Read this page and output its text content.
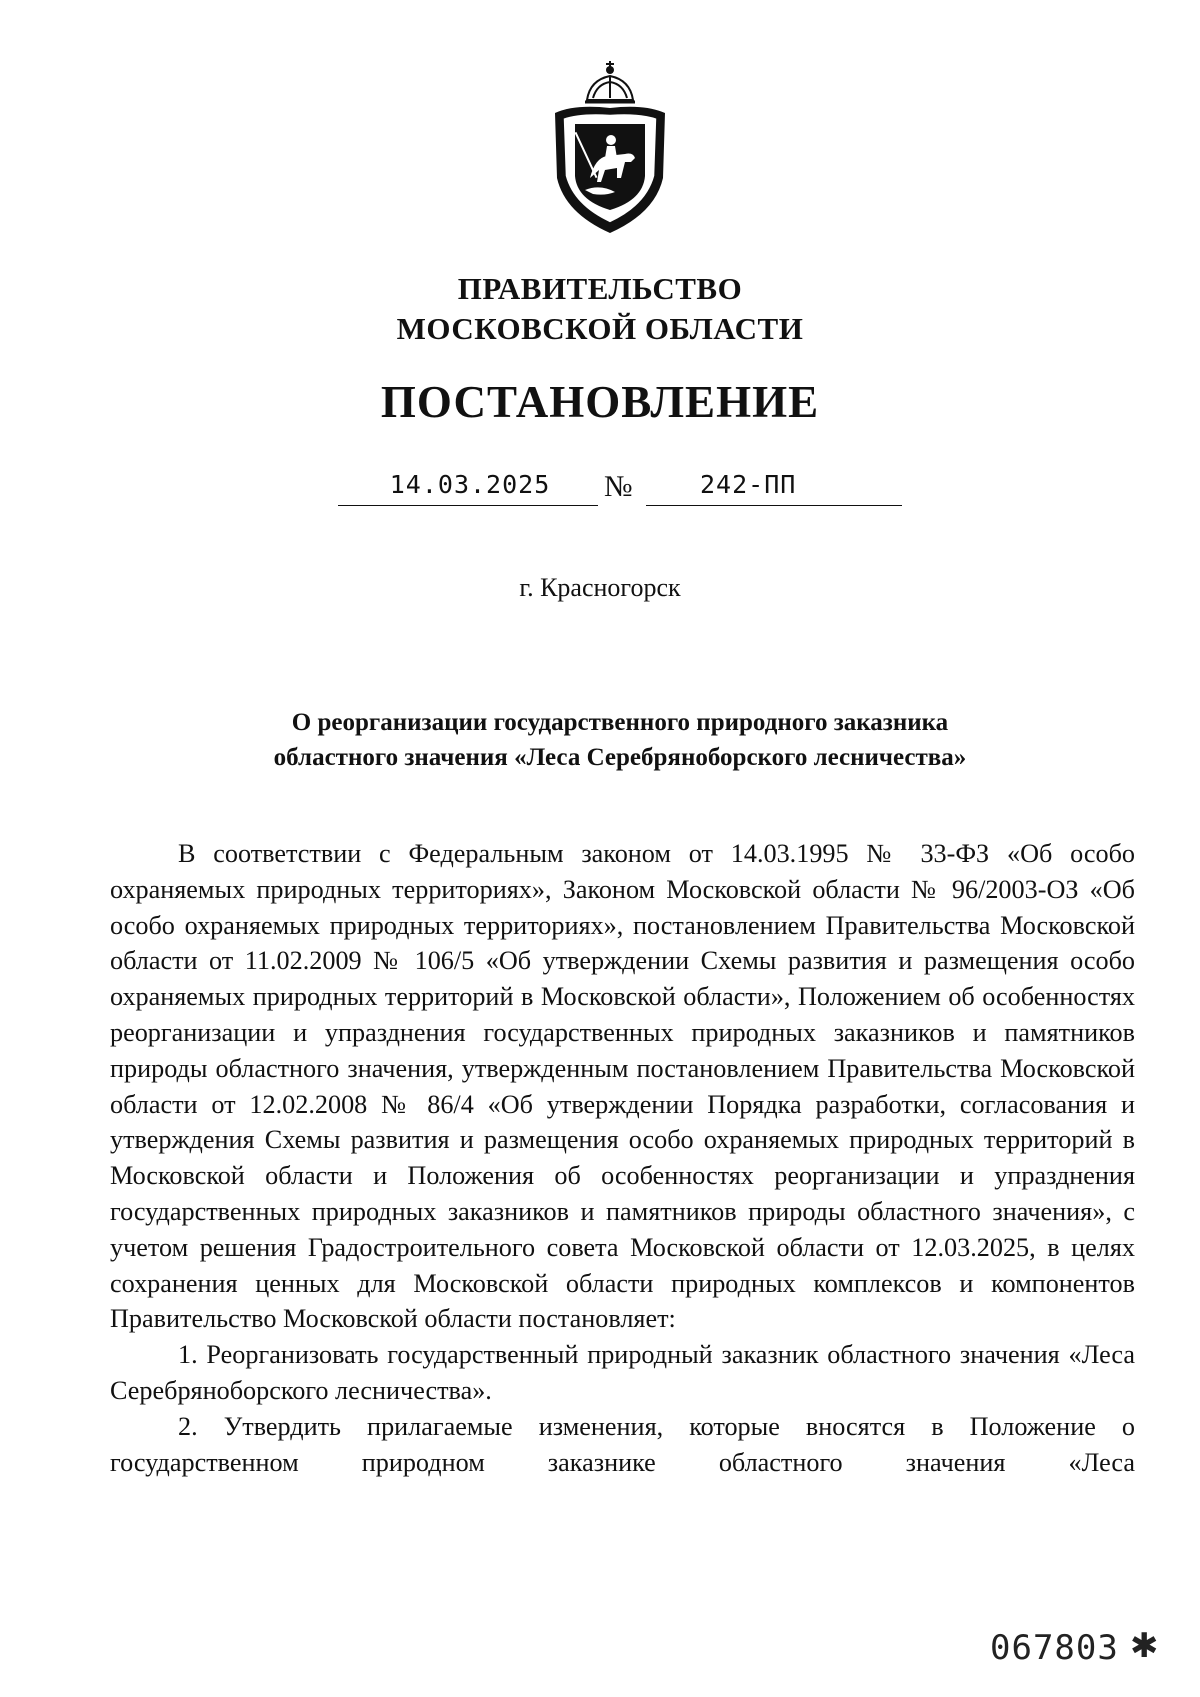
ПРАВИТЕЛЬСТВО
МОСКОВСКОЙ ОБЛАСТИ
ПОСТАНОВЛЕНИЕ
14.03.2025	№	242-ПП
г. Красногорск
О реорганизации государственного природного заказника
областного значения «Леса Серебряноборского лесничества»

В соответствии с Федеральным законом от 14.03.1995 № 33-ФЗ «Об особо охраняемых природных территориях», Законом Московской области № 96/2003-ОЗ «Об особо охраняемых природных территориях», постановлением Правительства Московской области от 11.02.2009 № 106/5 «Об утверждении Схемы развития и размещения особо охраняемых природных территорий в Московской области», Положением об особенностях реорганизации и упразднения государственных природных заказников и памятников природы областного значения, утвержденным постановлением Правительства Московской области от 12.02.2008 № 86/4 «Об утверждении Порядка разработки, согласования и утверждения Схемы развития и размещения особо охраняемых природных территорий в Московской области и Положения об особенностях реорганизации и упразднения государственных природных заказников и памятников природы областного значения», с учетом решения Градостроительного совета Московской области от 12.03.2025, в целях сохранения ценных для Московской области природных комплексов и компонентов Правительство Московской области постановляет:

1. Реорганизовать государственный природный заказник областного значения «Леса Серебряноборского лесничества».

2. Утвердить прилагаемые изменения, которые вносятся в Положение о государственном природном заказнике областного значения «Леса

067803 ✱
